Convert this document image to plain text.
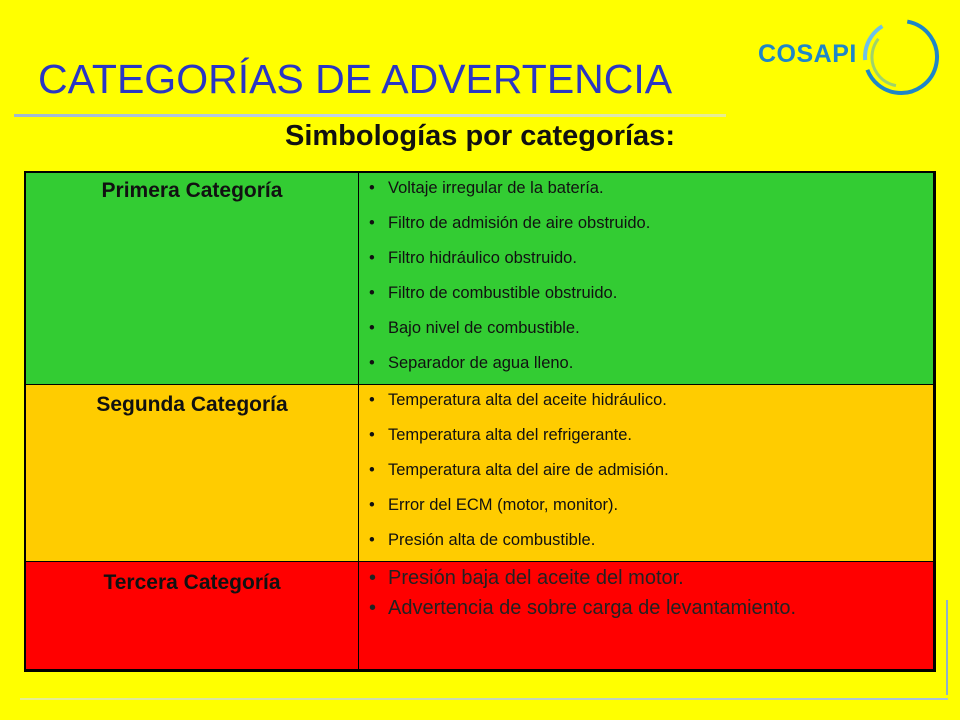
CATEGORÍAS DE ADVERTENCIA
COSAPI
Simbologías por categorías:
Primera Categoría	• Voltaje irregular de la batería.
• Filtro de admisión de aire obstruido.
• Filtro hidráulico obstruido.
• Filtro de combustible obstruido.
• Bajo nivel de combustible.
• Separador de agua lleno.
Segunda Categoría	• Temperatura alta del aceite hidráulico.
• Temperatura alta del refrigerante.
• Temperatura alta del aire de admisión.
• Error del ECM (motor, monitor).
• Presión alta de combustible.
Tercera Categoría	• Presión baja del aceite del motor.
• Advertencia de sobre carga de levantamiento.
